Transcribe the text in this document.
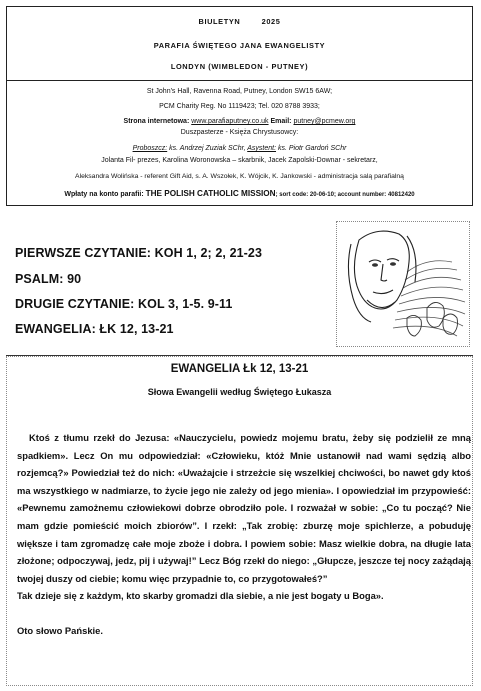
BIULETYN	2025
PARAFIA ŚWIĘTEGO JANA EWANGELISTY
LONDYN (WIMBLEDON - PUTNEY)
St John's Hall, Ravenna Road, Putney, London SW15 6AW;
PCM Charity Reg. No 1119423; Tel. 020 8788 3933;
Strona internetowa: www.parafiaputney.co.uk Email: putney@pcmew.org
Duszpasterze - Księża Chrystusowcy:
Proboszcz: ks. Andrzej Zuziak SChr, Asystent: ks. Piotr Gardoń SChr
Jolanta Fil- prezes, Karolina Woronowska – skarbnik, Jacek Zapolski-Downar - sekretarz,
Aleksandra Wolińska - referent Gift Aid, s. A. Wszołek, K. Wójcik, K. Jankowski - administracja salą parafialną
Wpłaty na konto parafii: THE POLISH CATHOLIC MISSION; sort code: 20-06-10; account number: 40812420
PIERWSZE CZYTANIE: KOH 1, 2; 2, 21-23
PSALM: 90
DRUGIE CZYTANIE: KOL 3, 1-5. 9-11
EWANGELIA: ŁK 12, 13-21
EWANGELIA Łk 12, 13-21
Słowa Ewangelii według Świętego Łukasza

Ktoś z tłumu rzekł do Jezusa: «Nauczycielu, powiedz mojemu bratu, żeby się podzielił ze mną spadkiem». Lecz On mu odpowiedział: «Człowieku, któż Mnie ustanowił nad wami sędzią albo rozjemcą?» Powiedział też do nich: «Uważajcie i strzeżcie się wszelkiej chciwości, bo nawet gdy ktoś ma wszystkiego w nadmiarze, to życie jego nie zależy od jego mienia». I opowiedział im przypowieść: «Pewnemu zamożnemu człowiekowi dobrze obrodziło pole. I rozważał w sobie: „Co tu począć? Nie mam gdzie pomieścić moich zbiorów”. I rzekł: „Tak zrobię: zburzę moje spichlerze, a pobuduję większe i tam zgromadzę całe moje zboże i dobra. I powiem sobie: Masz wielkie dobra, na długie lata złożone; odpoczywaj, jedz, pij i używaj!” Lecz Bóg rzekł do niego: „Głupcze, jeszcze tej nocy zażądają twojej duszy od ciebie; komu więc przypadnie to, co przygotowałeś?”

Tak dzieje się z każdym, kto skarby gromadzi dla siebie, a nie jest bogaty u Boga».

Oto słowo Pańskie.
